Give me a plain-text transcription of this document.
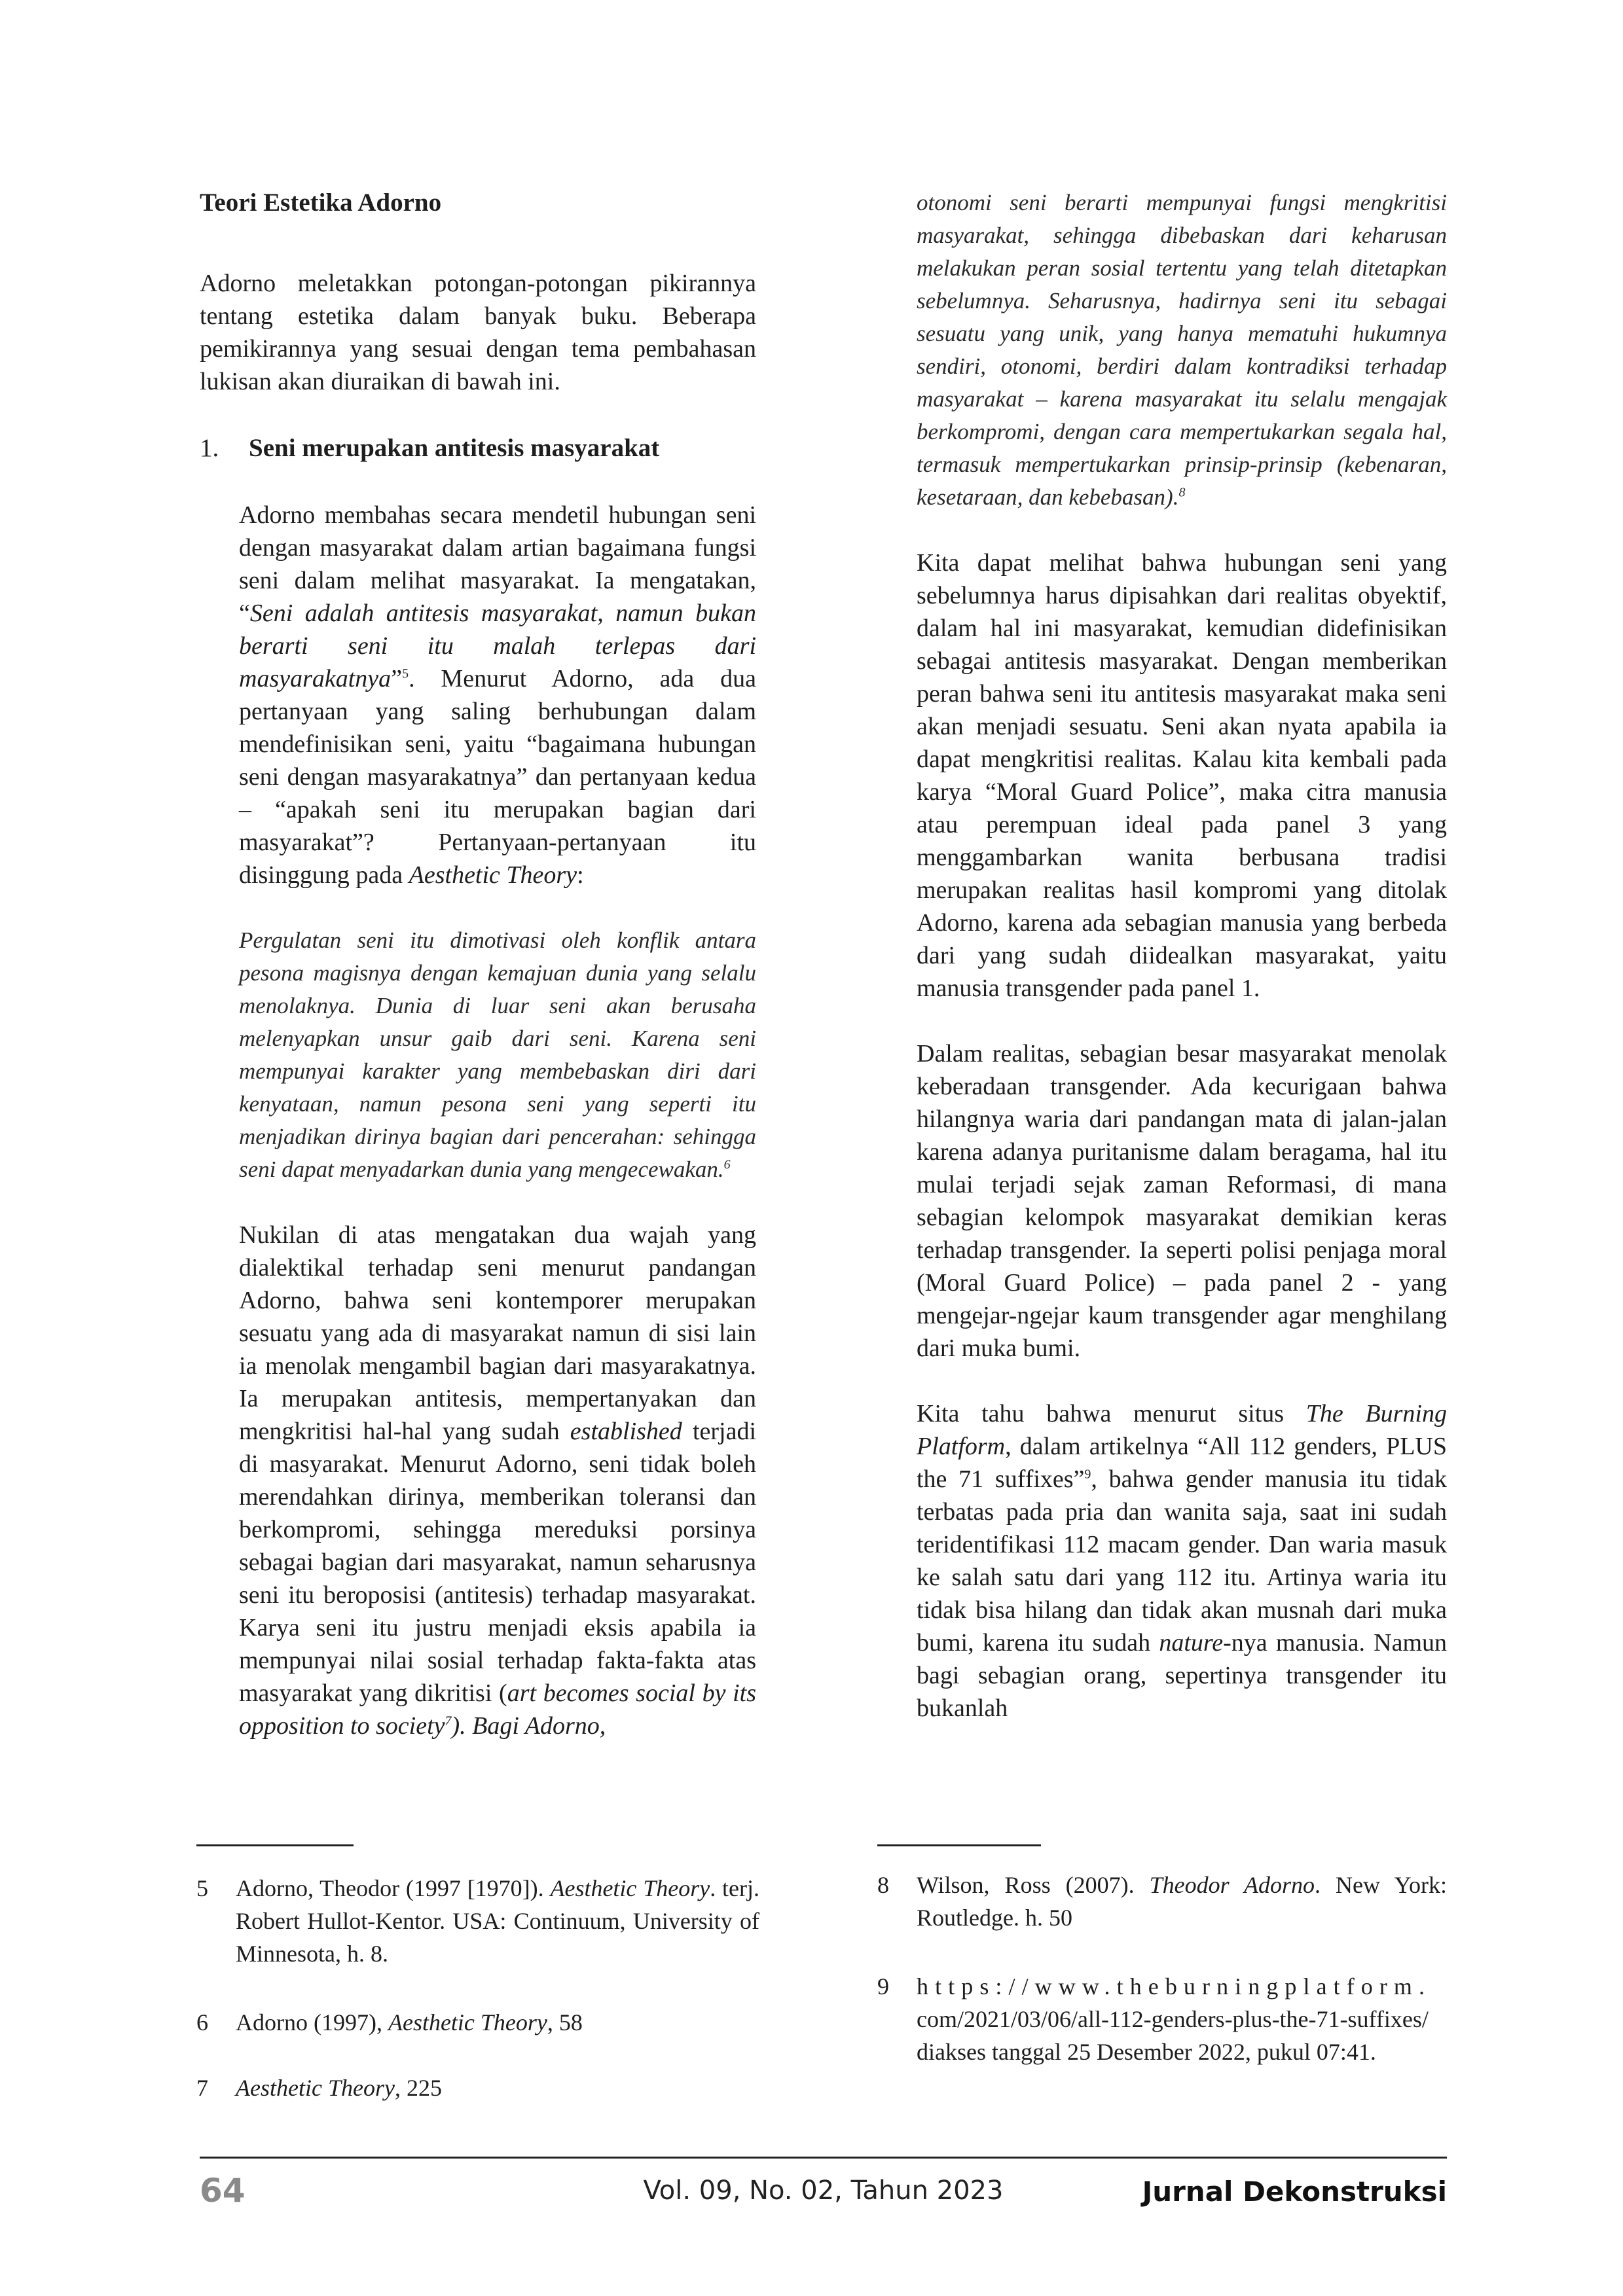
Teori Estetika Adorno

Adorno meletakkan potongan-potongan pikirannya tentang estetika dalam banyak buku. Beberapa pemikirannya yang sesuai dengan tema pembahasan lukisan akan diuraikan di bawah ini.

1.	Seni merupakan antitesis masyarakat

Adorno membahas secara mendetil hubungan seni dengan masyarakat dalam artian bagaimana fungsi seni dalam melihat masyarakat. Ia mengatakan, “Seni adalah antitesis masyarakat, namun bukan berarti seni itu malah terlepas dari masyarakatnya”$^5$. Menurut Adorno, ada dua pertanyaan yang saling berhubungan dalam mendefinisikan seni, yaitu “bagaimana hubungan seni dengan masyarakatnya” dan pertanyaan kedua – “apakah seni itu merupakan bagian dari masyarakat”? Pertanyaan-pertanyaan itu disinggung pada Aesthetic Theory:

Pergulatan seni itu dimotivasi oleh konflik antara pesona magisnya dengan kemajuan dunia yang selalu menolaknya. Dunia di luar seni akan berusaha melenyapkan unsur gaib dari seni. Karena seni mempunyai karakter yang membebaskan diri dari kenyataan, namun pesona seni yang seperti itu menjadikan dirinya bagian dari pencerahan: sehingga seni dapat menyadarkan dunia yang mengecewakan.$^6$

Nukilan di atas mengatakan dua wajah yang dialektikal terhadap seni menurut pandangan Adorno, bahwa seni kontemporer merupakan sesuatu yang ada di masyarakat namun di sisi lain ia menolak mengambil bagian dari masyarakatnya. Ia merupakan antitesis, mempertanyakan dan mengkritisi hal-hal yang sudah established terjadi di masyarakat. Menurut Adorno, seni tidak boleh merendahkan dirinya, memberikan toleransi dan berkompromi, sehingga mereduksi porsinya sebagai bagian dari masyarakat, namun seharusnya seni itu beroposisi (antitesis) terhadap masyarakat. Karya seni itu justru menjadi eksis apabila ia mempunyai nilai sosial terhadap fakta-fakta atas masyarakat yang dikritisi (art becomes social by its opposition to society$^7$). Bagi Adorno,

otonomi seni berarti mempunyai fungsi mengkritisi masyarakat, sehingga dibebaskan dari keharusan melakukan peran sosial tertentu yang telah ditetapkan sebelumnya. Seharusnya, hadirnya seni itu sebagai sesuatu yang unik, yang hanya mematuhi hukumnya sendiri, otonomi, berdiri dalam kontradiksi terhadap masyarakat – karena masyarakat itu selalu mengajak berkompromi, dengan cara mempertukarkan segala hal, termasuk mempertukarkan prinsip-prinsip (kebenaran, kesetaraan, dan kebebasan).$^8$

Kita dapat melihat bahwa hubungan seni yang sebelumnya harus dipisahkan dari realitas obyektif, dalam hal ini masyarakat, kemudian didefinisikan sebagai antitesis masyarakat. Dengan memberikan peran bahwa seni itu antitesis masyarakat maka seni akan menjadi sesuatu. Seni akan nyata apabila ia dapat mengkritisi realitas. Kalau kita kembali pada karya “Moral Guard Police”, maka citra manusia atau perempuan ideal pada panel 3 yang menggambarkan wanita berbusana tradisi merupakan realitas hasil kompromi yang ditolak Adorno, karena ada sebagian manusia yang berbeda dari yang sudah diidealkan masyarakat, yaitu manusia transgender pada panel 1.

Dalam realitas, sebagian besar masyarakat menolak keberadaan transgender. Ada kecurigaan bahwa hilangnya waria dari pandangan mata di jalan-jalan karena adanya puritanisme dalam beragama, hal itu mulai terjadi sejak zaman Reformasi, di mana sebagian kelompok masyarakat demikian keras terhadap transgender. Ia seperti polisi penjaga moral (Moral Guard Police) – pada panel 2 - yang mengejar-ngejar kaum transgender agar menghilang dari muka bumi.

Kita tahu bahwa menurut situs The Burning Platform, dalam artikelnya “All 112 genders, PLUS the 71 suffixes”$^9$, bahwa gender manusia itu tidak terbatas pada pria dan wanita saja, saat ini sudah teridentifikasi 112 macam gender. Dan waria masuk ke salah satu dari yang 112 itu. Artinya waria itu tidak bisa hilang dan tidak akan musnah dari muka bumi, karena itu sudah nature-nya manusia. Namun bagi sebagian orang, sepertinya transgender itu bukanlah

5	Adorno, Theodor (1997 [1970]). Aesthetic Theory. terj. Robert Hullot-Kentor. USA: Continuum, University of Minnesota, h. 8.
6	Adorno (1997), Aesthetic Theory, 58
7	Aesthetic Theory, 225
8	Wilson, Ross (2007). Theodor Adorno. New York: Routledge. h. 50
9	https://www.theburningplatform.
com/2021/03/06/all-112-genders-plus-the-71-suffixes/ diakses tanggal 25 Desember 2022, pukul 07:41.
64	Vol. 09, No. 02, Tahun 2023	Jurnal Dekonstruksi
